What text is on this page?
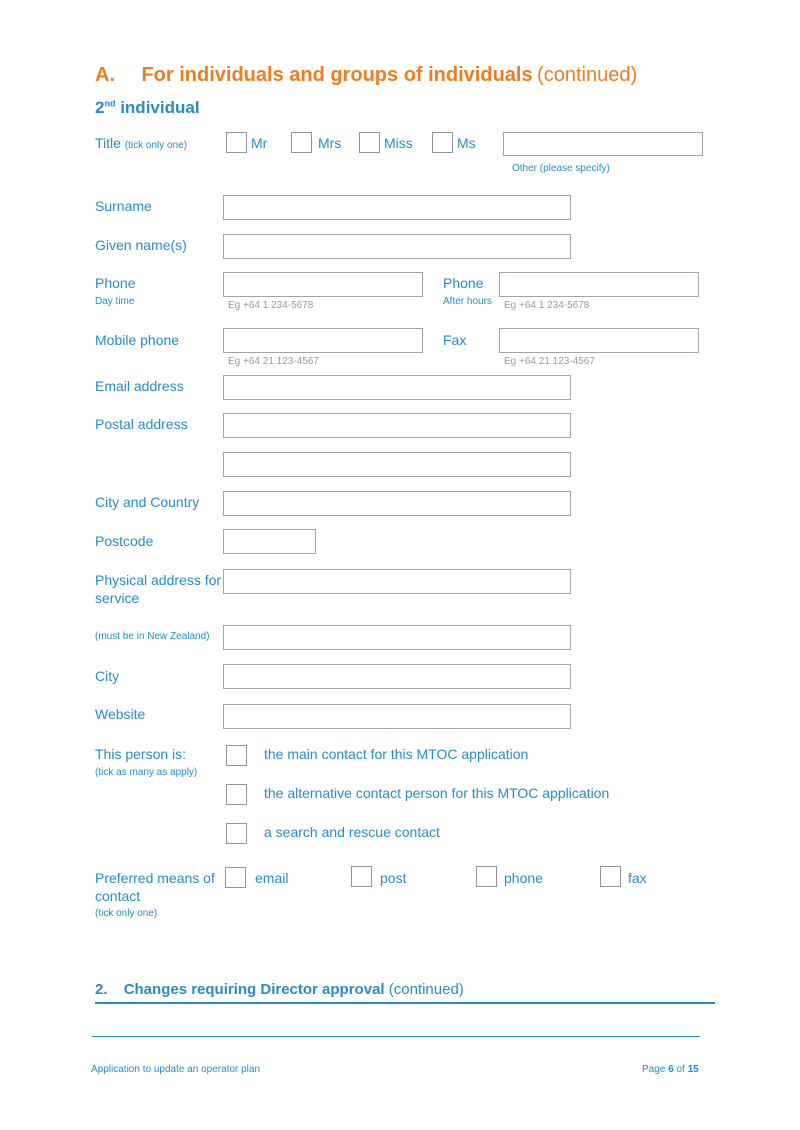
A. For individuals and groups of individuals (continued)
2nd individual
Title (tick only one)	Mr	Mrs	Miss	Ms
Other (please specify)
Surname
Given name(s)
Phone
Day time	Eg +64 1 234-5678
Phone
After hours Eg +64 1 234-5678
Mobile phone
Eg +64 21 123-4567
Fax
Eg +64 21 123-4567
Email address
Postal address
City and Country
Postcode
Physical address for
service
(must be in New Zealand)
City
Website
This person is:
(tick as many as apply)
the main contact for this MTOC application
the alternative contact person for this MTOC application
a search and rescue contact
Preferred means of
contact
(tick only one)
email	post	phone	fax
2. Changes requiring Director approval (continued)
Application to update an operator plan	Page 6 of 15
